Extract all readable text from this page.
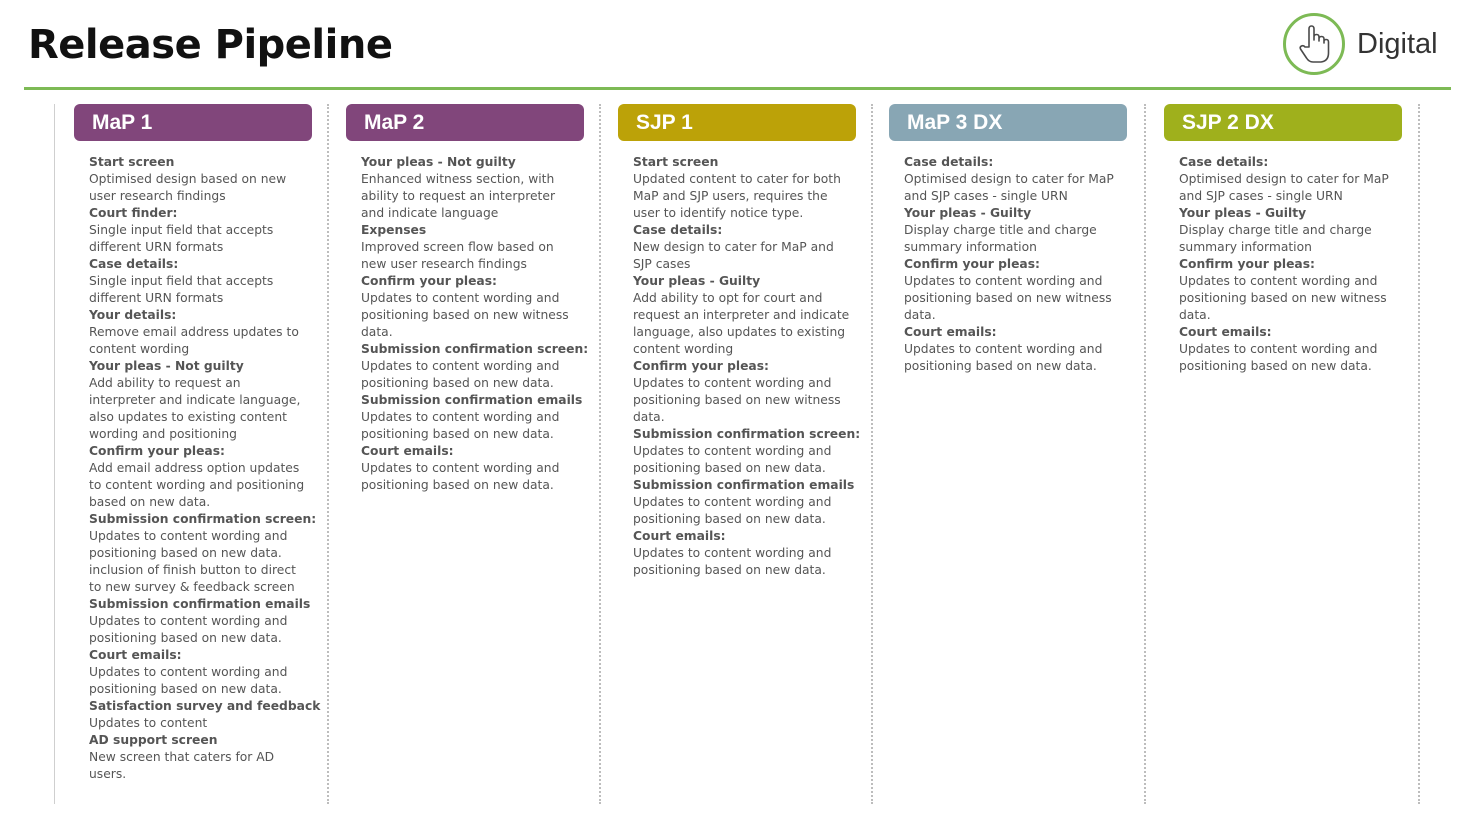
Release Pipeline	Digital
MaP 1
Start screen
Optimised design based on new user research findings
Court finder:
Single input field that accepts different URN formats
Case details:
Single input field that accepts different URN formats
Your details:
Remove email address updates to content wording
Your pleas - Not guilty
Add ability to request an interpreter and indicate language, also updates to existing content wording and positioning
Confirm your pleas:
Add email address option updates to content wording and positioning based on new data.
Submission confirmation screen:
Updates to content wording and positioning based on new data. inclusion of finish button to direct to new survey & feedback screen
Submission confirmation emails
Updates to content wording and positioning based on new data.
Court emails:
Updates to content wording and positioning based on new data.
Satisfaction survey and feedback
Updates to content
AD support screen
New screen that caters for AD users.
MaP 2
Your pleas - Not guilty
Enhanced witness section, with ability to request an interpreter and indicate language
Expenses
Improved screen flow based on new user research findings
Confirm your pleas:
Updates to content wording and positioning based on new witness data.
Submission confirmation screen:
Updates to content wording and positioning based on new data.
Submission confirmation emails
Updates to content wording and positioning based on new data.
Court emails:
Updates to content wording and positioning based on new data.
SJP 1
Start screen
Updated content to cater for both MaP and SJP users, requires the user to identify notice type.
Case details:
New design to cater for MaP and SJP cases
Your pleas - Guilty
Add ability to opt for court and request an interpreter and indicate language, also updates to existing content wording
Confirm your pleas:
Updates to content wording and positioning based on new witness data.
Submission confirmation screen:
Updates to content wording and positioning based on new data.
Submission confirmation emails
Updates to content wording and positioning based on new data.
Court emails:
Updates to content wording and positioning based on new data.
MaP 3 DX
Case details:
Optimised design to cater for MaP and SJP cases - single URN
Your pleas - Guilty
Display charge title and charge summary information
Confirm your pleas:
Updates to content wording and positioning based on new witness data.
Court emails:
Updates to content wording and positioning based on new data.
SJP 2 DX
Case details:
Optimised design to cater for MaP and SJP cases - single URN
Your pleas - Guilty
Display charge title and charge summary information
Confirm your pleas:
Updates to content wording and positioning based on new witness data.
Court emails:
Updates to content wording and positioning based on new data.
